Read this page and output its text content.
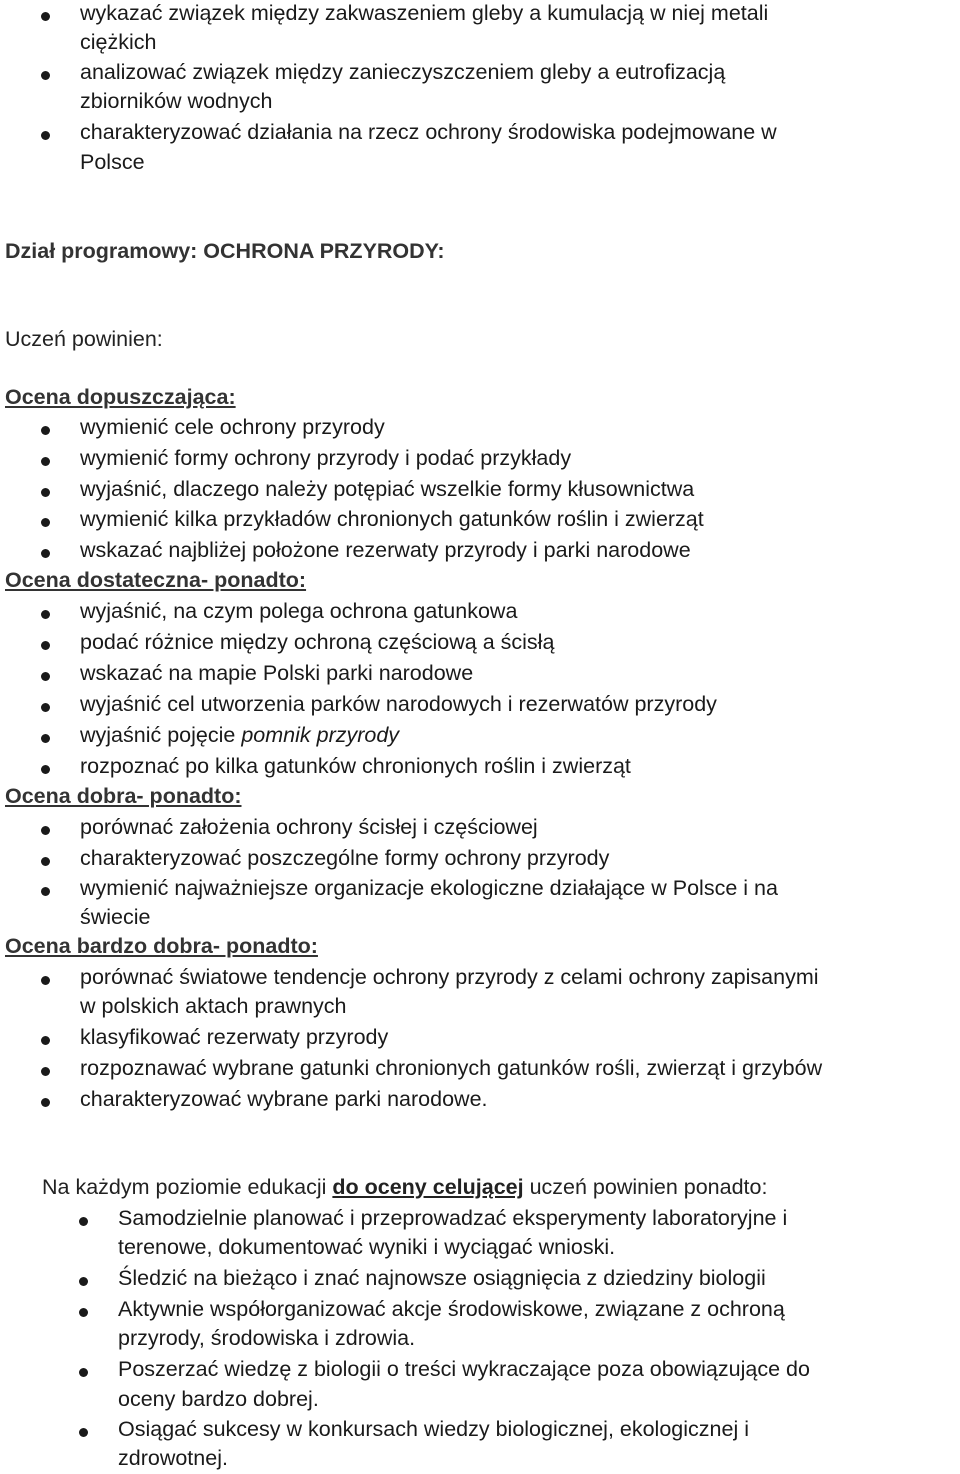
wykazać związek między zakwaszeniem gleby a kumulacją w niej metali
ciężkich
analizować związek między zanieczyszczeniem gleby a eutrofizacją
zbiorników wodnych
charakteryzować działania na rzecz ochrony środowiska podejmowane w
Polsce
Dział programowy: OCHRONA PRZYRODY:
Uczeń powinien:
Ocena dopuszczająca:
wymienić cele ochrony przyrody
wymienić formy ochrony przyrody i podać przykłady
wyjaśnić, dlaczego należy potępiać wszelkie formy kłusownictwa
wymienić kilka przykładów chronionych gatunków roślin i zwierząt
wskazać najbliżej położone rezerwaty przyrody i parki narodowe
Ocena dostateczna- ponadto:
wyjaśnić, na czym polega ochrona gatunkowa
podać różnice między ochroną częściową a ścisłą
wskazać na mapie Polski parki narodowe
wyjaśnić cel utworzenia parków narodowych i rezerwatów przyrody
wyjaśnić pojęcie pomnik przyrody
rozpoznać po kilka gatunków chronionych roślin i zwierząt
Ocena dobra- ponadto:
porównać założenia ochrony ścisłej i częściowej
charakteryzować poszczególne formy ochrony przyrody
wymienić najważniejsze organizacje ekologiczne działające w Polsce i na
świecie
Ocena bardzo dobra- ponadto:
porównać światowe tendencje ochrony przyrody z celami ochrony zapisanymi
w polskich aktach prawnych
klasyfikować rezerwaty przyrody
rozpoznawać wybrane gatunki chronionych gatunków rośli, zwierząt i grzybów
charakteryzować wybrane parki narodowe.
Na każdym poziomie edukacji do oceny celującej uczeń powinien ponadto:
Samodzielnie planować i przeprowadzać eksperymenty laboratoryjne i
terenowe, dokumentować wyniki i wyciągać wnioski.
Śledzić na bieżąco i znać najnowsze osiągnięcia z dziedziny biologii
Aktywnie współorganizować akcje środowiskowe, związane z ochroną
przyrody, środowiska i zdrowia.
Poszerzać wiedzę z biologii o treści wykraczające poza obowiązujące do
oceny bardzo dobrej.
Osiągać sukcesy w konkursach wiedzy biologicznej, ekologicznej i
zdrowotnej.
